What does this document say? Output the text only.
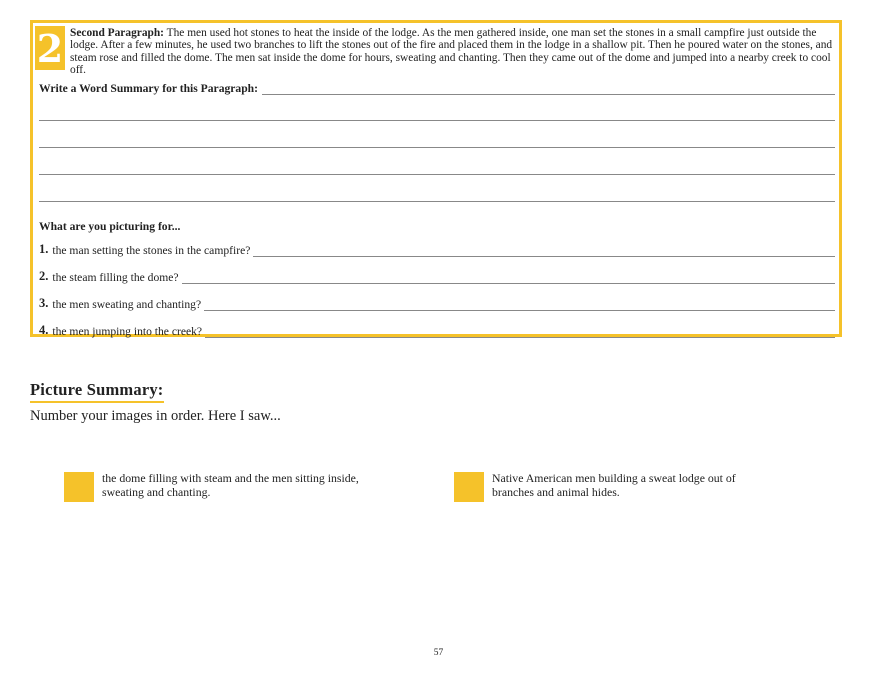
2 Second Paragraph: The men used hot stones to heat the inside of the lodge. As the men gathered inside, one man set the stones in a small campfire just outside the lodge. After a few minutes, he used two branches to lift the stones out of the fire and placed them in the lodge in a shallow pit. Then he poured water on the stones, and steam rose and filled the dome. The men sat inside the dome for hours, sweating and chanting. Then they came out of the dome and jumped into a nearby creek to cool off.
Write a Word Summary for this Paragraph:
What are you picturing for...
1. the man setting the stones in the campfire?
2. the steam filling the dome?
3. the men sweating and chanting?
4. the men jumping into the creek?
Picture Summary:
Number your images in order. Here I saw...
the dome filling with steam and the men sitting inside, sweating and chanting.
Native American men building a sweat lodge out of branches and animal hides.
57
